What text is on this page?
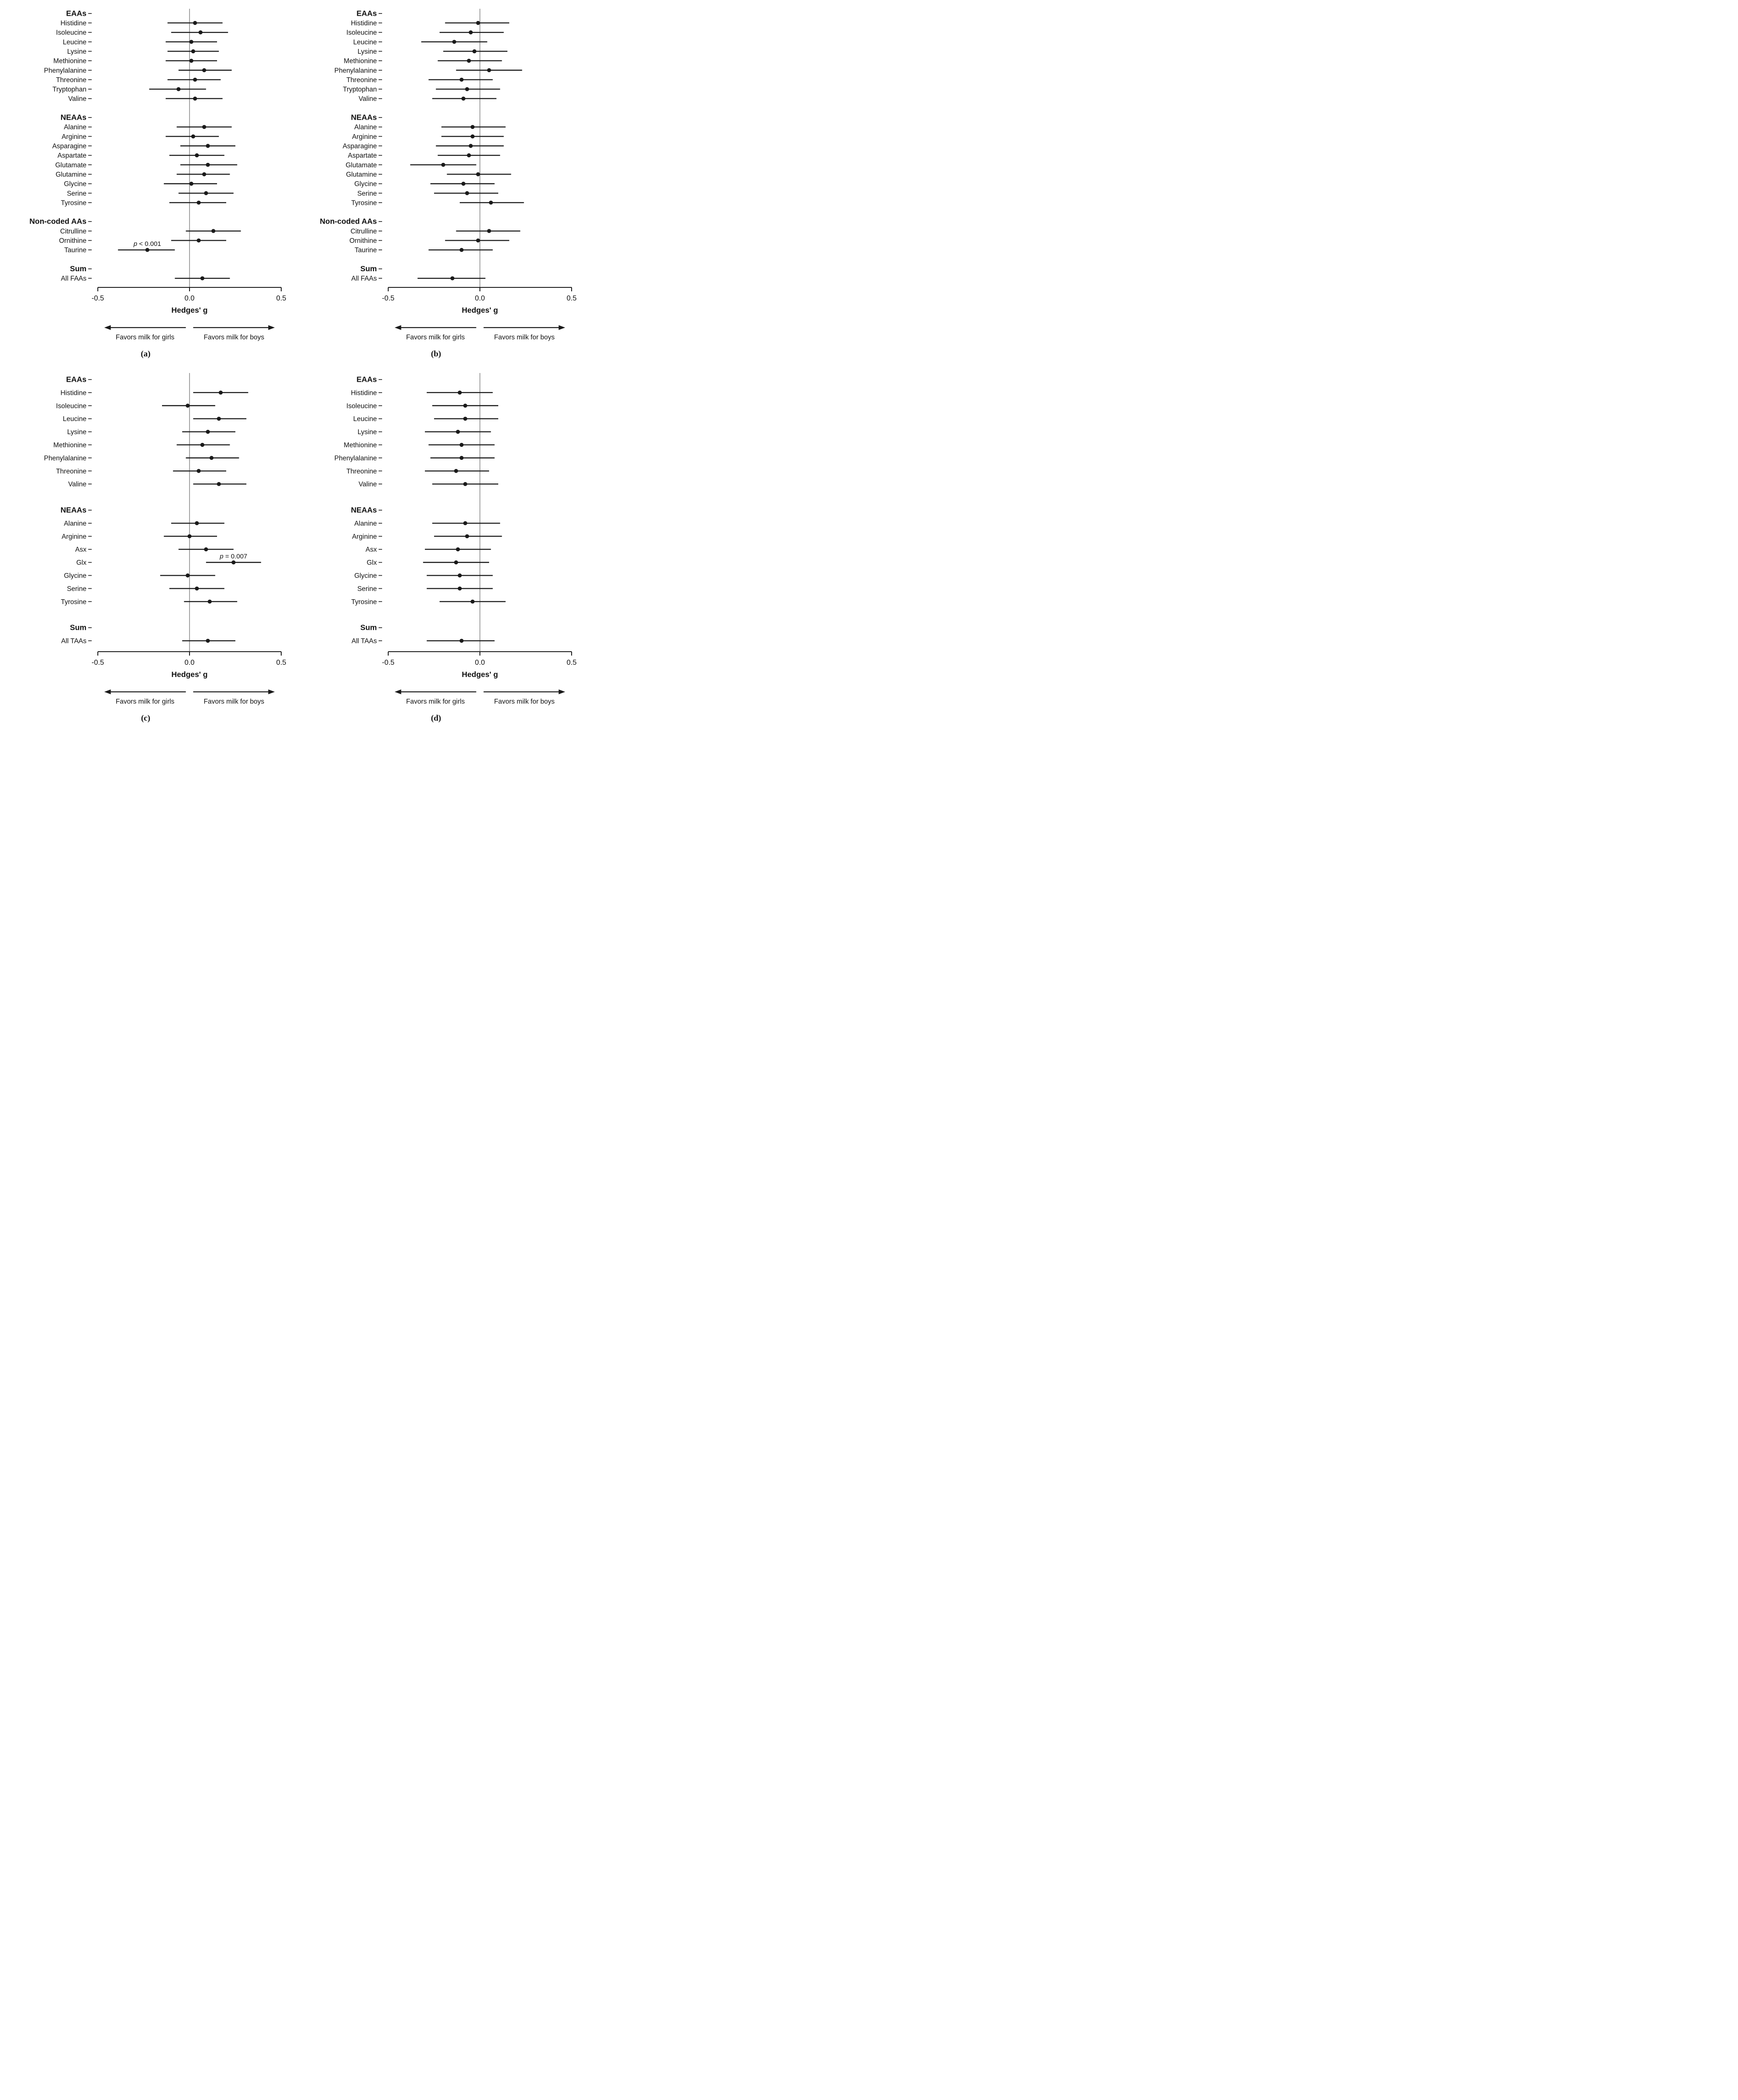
EAAs
Histidine
Isoleucine
Leucine
Lysine
Methionine
Phenylalanine
Threonine
Tryptophan
Valine
NEAAs
Alanine
Arginine
Asparagine
Aspartate
Glutamate
Glutamine
Glycine
Serine
Tyrosine
Non-coded AAs
Citrulline
Ornithine
Taurine
p < 0.001
Sum
All FAAs
-0.5	0.0	0.5
Hedges' g
Favors milk for girls	Favors milk for boys
(a)
EAAs
Histidine
Isoleucine
Leucine
Lysine
Methionine
Phenylalanine
Threonine
Tryptophan
Valine
NEAAs
Alanine
Arginine
Asparagine
Aspartate
Glutamate
Glutamine
Glycine
Serine
Tyrosine
Non-coded AAs
Citrulline
Ornithine
Taurine
Sum
All FAAs
-0.5	0.0	0.5
Hedges' g
Favors milk for girls	Favors milk for boys
(b)
EAAs
Histidine
Isoleucine
Leucine
Lysine
Methionine
Phenylalanine
Threonine
Valine
NEAAs
Alanine
Arginine
Asx
Glx
p = 0.007
Glycine
Serine
Tyrosine
Sum
All TAAs
-0.5	0.0	0.5
Hedges' g
Favors milk for girls	Favors milk for boys
(c)
EAAs
Histidine
Isoleucine
Leucine
Lysine
Methionine
Phenylalanine
Threonine
Valine
NEAAs
Alanine
Arginine
Asx
Glx
Glycine
Serine
Tyrosine
Sum
All TAAs
-0.5	0.0	0.5
Hedges' g
Favors milk for girls	Favors milk for boys
(d)
